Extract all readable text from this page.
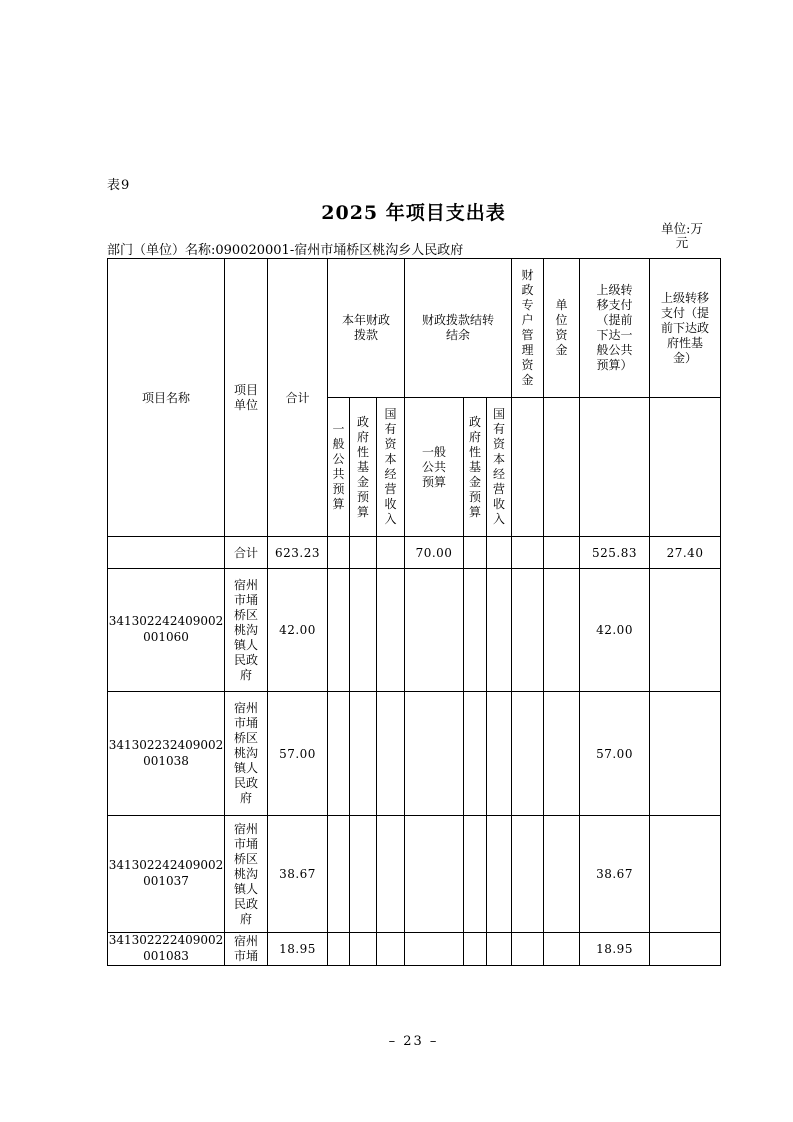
表9
2025 年项目支出表
部门（单位）名称:090020001-宿州市埇桥区桃沟乡人民政府
单位:万元
项目名称	项目单位	合计	本年财政拨款			财政拨款结转结余			财政专户管理资金	单位资金	上级转移支付（提前下达一般公共预算）	上级转移支付（提前下达政府性基金）
			一般公共预算	政府性基金预算	国有资本经营收入	一般公共预算	政府性基金预算	国有资本经营收入				
	合计	623.23				70.00					525.83	27.40
341302242409002001060	宿州市埇桥区桃沟镇人民政府	42.00									42.00	
341302232409002001038	宿州市埇桥区桃沟镇人民政府	57.00									57.00	
341302242409002001037	宿州市埇桥区桃沟镇人民政府	38.67									38.67	
341302222409002001083	宿州市埇	18.95									18.95	
– 23 –
